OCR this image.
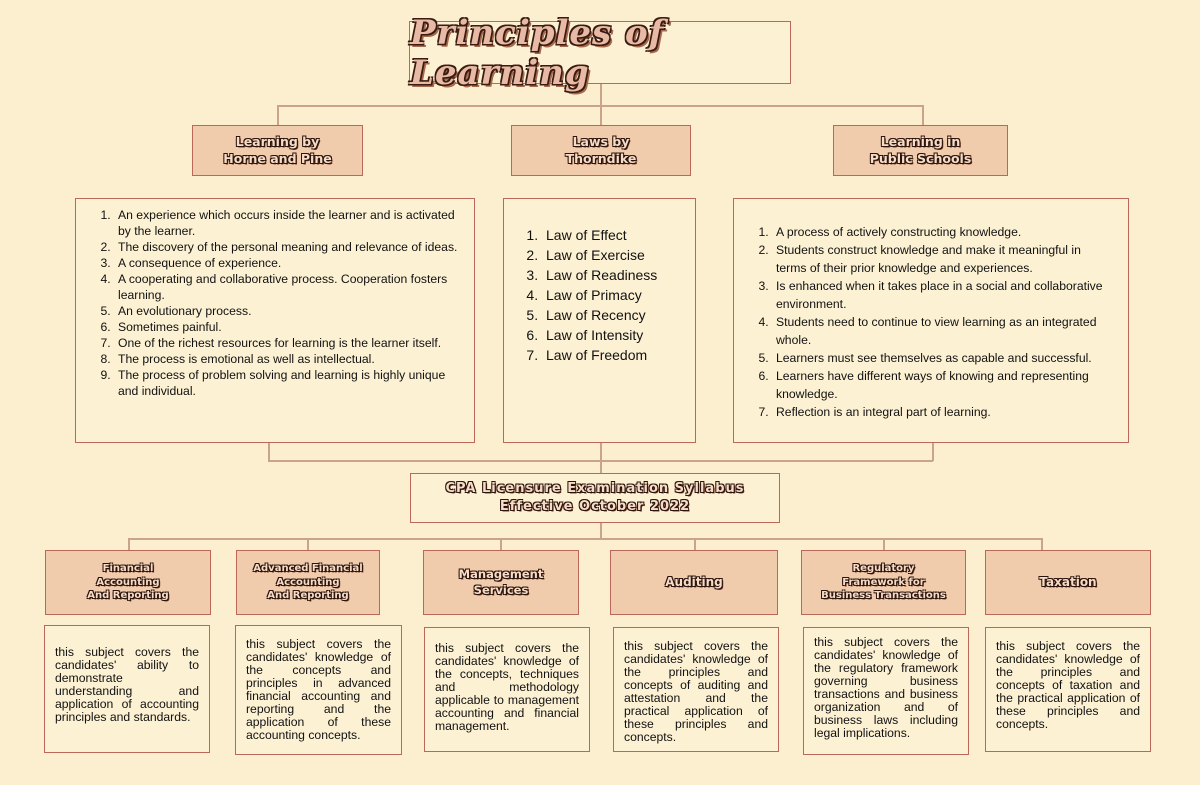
Principles of Learning
Learning by
Horne and Pine
Laws by
Thorndike
Learning in
Public Schools
1. An experience which occurs inside the learner and is activated by the learner.
2. The discovery of the personal meaning and relevance of ideas.
3. A consequence of experience.
4. A cooperating and collaborative process. Cooperation fosters learning.
5. An evolutionary process.
6. Sometimes painful.
7. One of the richest resources for learning is the learner itself.
8. The process is emotional as well as intellectual.
9. The process of problem solving and learning is highly unique and individual.
1. Law of Effect
2. Law of Exercise
3. Law of Readiness
4. Law of Primacy
5. Law of Recency
6. Law of Intensity
7. Law of Freedom
1. A process of actively constructing knowledge.
2. Students construct knowledge and make it meaningful in terms of their prior knowledge and experiences.
3. Is enhanced when it takes place in a social and collaborative environment.
4. Students need to continue to view learning as an integrated whole.
5. Learners must see themselves as capable and successful.
6. Learners have different ways of knowing and representing knowledge.
7. Reflection is an integral part of learning.
CPA Licensure Examination Syllabus
Effective October 2022
Financial
Accounting
And Reporting
Advanced Financial
Accounting
And Reporting
Management
Services
Auditing
Regulatory
Framework for
Business Transactions
Taxation
this subject covers the candidates' ability to demonstrate understanding and application of accounting principles and standards.
this subject covers the candidates' knowledge of the concepts and principles in advanced financial accounting and reporting and the application of these accounting concepts.
this subject covers the candidates' knowledge of the concepts, techniques and methodology applicable to management accounting and financial management.
this subject covers the candidates' knowledge of the principles and concepts of auditing and attestation and the practical application of these principles and concepts.
this subject covers the candidates' knowledge of the regulatory framework governing business transactions and business organization and of business laws including legal implications.
this subject covers the candidates' knowledge of the principles and concepts of taxation and the practical application of these principles and concepts.
